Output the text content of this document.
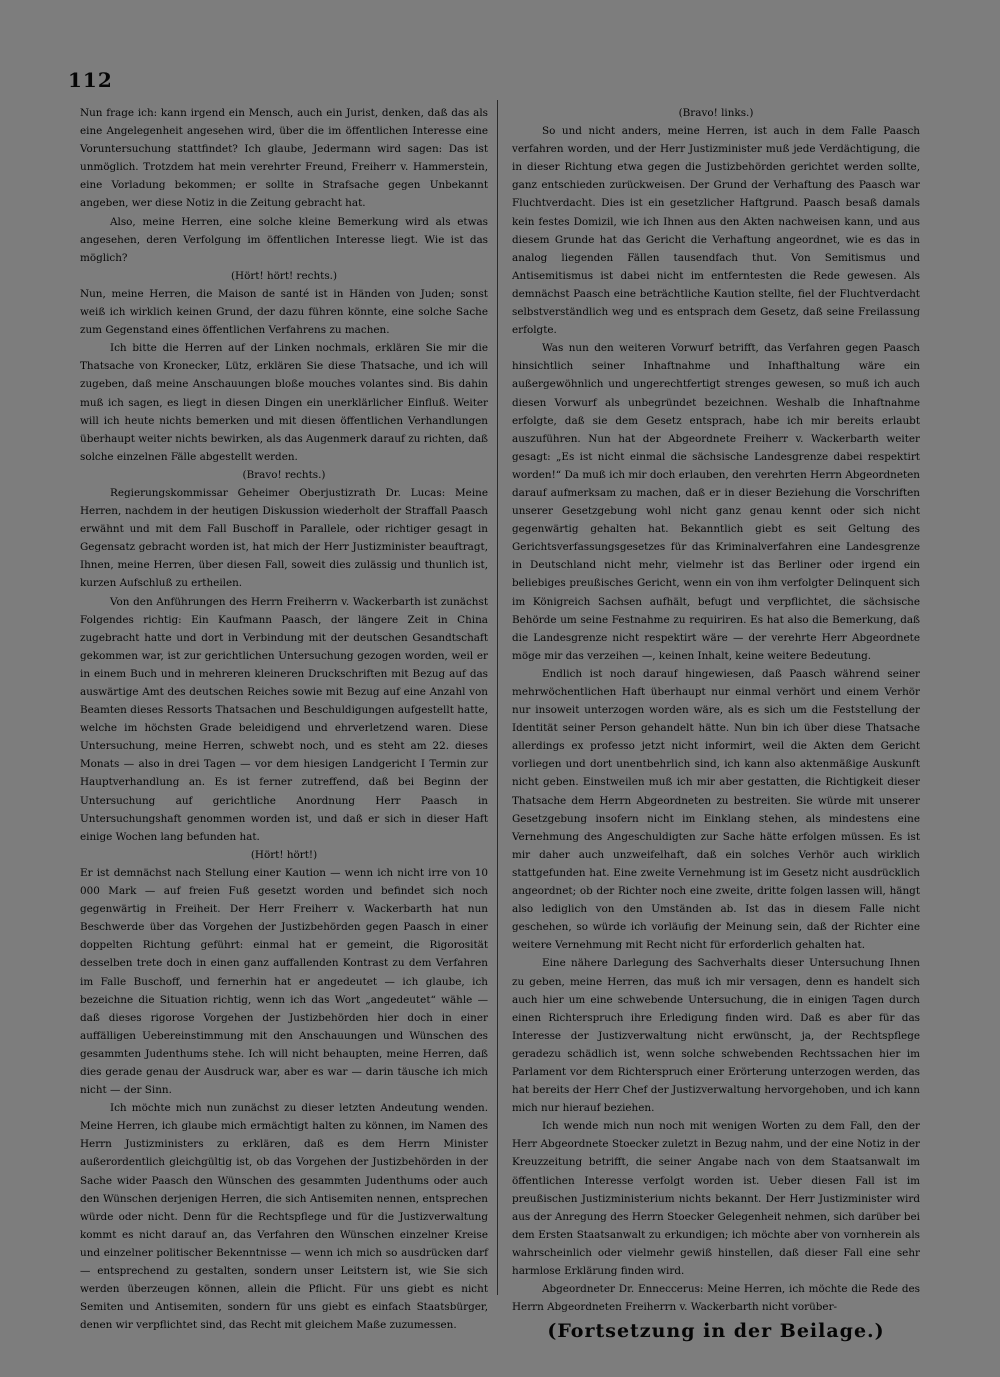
112

Nun frage ich: kann irgend ein Mensch, auch ein Jurist, denken, daß das als eine Angelegenheit angesehen wird, über die im öffentlichen Interesse eine Voruntersuchung stattfindet? Ich glaube, Jedermann wird sagen: Das ist unmöglich. Trotzdem hat mein verehrter Freund, Freiherr v. Hammerstein, eine Vorladung bekommen; er sollte in Strafsache gegen Unbekannt angeben, wer diese Notiz in die Zeitung gebracht hat.

Also, meine Herren, eine solche kleine Bemerkung wird als etwas angesehen, deren Verfolgung im öffentlichen Interesse liegt. Wie ist das möglich?

(Hört! hört! rechts.)

Nun, meine Herren, die Maison de santé ist in Händen von Juden; sonst weiß ich wirklich keinen Grund, der dazu führen könnte, eine solche Sache zum Gegenstand eines öffentlichen Verfahrens zu machen.

Ich bitte die Herren auf der Linken nochmals, erklären Sie mir die Thatsache von Kronecker, Lütz, erklären Sie diese Thatsache, und ich will zugeben, daß meine Anschauungen bloße mouches volantes sind. Bis dahin muß ich sagen, es liegt in diesen Dingen ein unerklärlicher Einfluß. Weiter will ich heute nichts bemerken und mit diesen öffentlichen Verhandlungen überhaupt weiter nichts bewirken, als das Augenmerk darauf zu richten, daß solche einzelnen Fälle abgestellt werden.

(Bravo! rechts.)

Regierungskommissar Geheimer Oberjustizrath Dr. Lucas: Meine Herren, nachdem in der heutigen Diskussion wiederholt der Straffall Paasch erwähnt und mit dem Fall Buschoff in Parallele, oder richtiger gesagt in Gegensatz gebracht worden ist, hat mich der Herr Justizminister beauftragt, Ihnen, meine Herren, über diesen Fall, soweit dies zulässig und thunlich ist, kurzen Aufschluß zu ertheilen.

Von den Anführungen des Herrn Freiherrn v. Wackerbarth ist zunächst Folgendes richtig: Ein Kaufmann Paasch, der längere Zeit in China zugebracht hatte und dort in Verbindung mit der deutschen Gesandtschaft gekommen war, ist zur gerichtlichen Untersuchung gezogen worden, weil er in einem Buch und in mehreren kleineren Druckschriften mit Bezug auf das auswärtige Amt des deutschen Reiches sowie mit Bezug auf eine Anzahl von Beamten dieses Ressorts Thatsachen und Beschuldigungen aufgestellt hatte, welche im höchsten Grade beleidigend und ehrverletzend waren. Diese Untersuchung, meine Herren, schwebt noch, und es steht am 22. dieses Monats — also in drei Tagen — vor dem hiesigen Landgericht I Termin zur Hauptverhandlung an. Es ist ferner zutreffend, daß bei Beginn der Untersuchung auf gerichtliche Anordnung Herr Paasch in Untersuchungshaft genommen worden ist, und daß er sich in dieser Haft einige Wochen lang befunden hat.

(Hört! hört!)

Er ist demnächst nach Stellung einer Kaution — wenn ich nicht irre von 10 000 Mark — auf freien Fuß gesetzt worden und befindet sich noch gegenwärtig in Freiheit. Der Herr Freiherr v. Wackerbarth hat nun Beschwerde über das Vorgehen der Justizbehörden gegen Paasch in einer doppelten Richtung geführt: einmal hat er gemeint, die Rigorosität desselben trete doch in einen ganz auffallenden Kontrast zu dem Verfahren im Falle Buschoff, und fernerhin hat er angedeutet — ich glaube, ich bezeichne die Situation richtig, wenn ich das Wort „angedeutet“ wähle — daß dieses rigorose Vorgehen der Justizbehörden hier doch in einer auffälligen Uebereinstimmung mit den Anschauungen und Wünschen des gesammten Judenthums stehe. Ich will nicht behaupten, meine Herren, daß dies gerade genau der Ausdruck war, aber es war — darin täusche ich mich nicht — der Sinn.

Ich möchte mich nun zunächst zu dieser letzten Andeutung wenden. Meine Herren, ich glaube mich ermächtigt halten zu können, im Namen des Herrn Justizministers zu erklären, daß es dem Herrn Minister außerordentlich gleichgültig ist, ob das Vorgehen der Justizbehörden in der Sache wider Paasch den Wünschen des gesammten Judenthums oder auch den Wünschen derjenigen Herren, die sich Antisemiten nennen, entsprechen würde oder nicht. Denn für die Rechtspflege und für die Justizverwaltung kommt es nicht darauf an, das Verfahren den Wünschen einzelner Kreise und einzelner politischer Bekenntnisse — wenn ich mich so ausdrücken darf — entsprechend zu gestalten, sondern unser Leitstern ist, wie Sie sich werden überzeugen können, allein die Pflicht. Für uns giebt es nicht Semiten und Antisemiten, sondern für uns giebt es einfach Staatsbürger, denen wir verpflichtet sind, das Recht mit gleichem Maße zuzumessen.

(Bravo! links.)

So und nicht anders, meine Herren, ist auch in dem Falle Paasch verfahren worden, und der Herr Justizminister muß jede Verdächtigung, die in dieser Richtung etwa gegen die Justizbehörden gerichtet werden sollte, ganz entschieden zurückweisen. Der Grund der Verhaftung des Paasch war Fluchtverdacht. Dies ist ein gesetzlicher Haftgrund. Paasch besaß damals kein festes Domizil, wie ich Ihnen aus den Akten nachweisen kann, und aus diesem Grunde hat das Gericht die Verhaftung angeordnet, wie es das in analog liegenden Fällen tausendfach thut. Von Semitismus und Antisemitismus ist dabei nicht im entferntesten die Rede gewesen. Als demnächst Paasch eine beträchtliche Kaution stellte, fiel der Fluchtverdacht selbstverständlich weg und es entsprach dem Gesetz, daß seine Freilassung erfolgte.

Was nun den weiteren Vorwurf betrifft, das Verfahren gegen Paasch hinsichtlich seiner Inhaftnahme und Inhafthaltung wäre ein außergewöhnlich und ungerechtfertigt strenges gewesen, so muß ich auch diesen Vorwurf als unbegründet bezeichnen. Weshalb die Inhaftnahme erfolgte, daß sie dem Gesetz entsprach, habe ich mir bereits erlaubt auszuführen. Nun hat der Abgeordnete Freiherr v. Wackerbarth weiter gesagt: „Es ist nicht einmal die sächsische Landesgrenze dabei respektirt worden!“ Da muß ich mir doch erlauben, den verehrten Herrn Abgeordneten darauf aufmerksam zu machen, daß er in dieser Beziehung die Vorschriften unserer Gesetzgebung wohl nicht ganz genau kennt oder sich nicht gegenwärtig gehalten hat. Bekanntlich giebt es seit Geltung des Gerichtsverfassungsgesetzes für das Kriminalverfahren eine Landesgrenze in Deutschland nicht mehr, vielmehr ist das Berliner oder irgend ein beliebiges preußisches Gericht, wenn ein von ihm verfolgter Delinquent sich im Königreich Sachsen aufhält, befugt und verpflichtet, die sächsische Behörde um seine Festnahme zu requiriren. Es hat also die Bemerkung, daß die Landesgrenze nicht respektirt wäre — der verehrte Herr Abgeordnete möge mir das verzeihen —, keinen Inhalt, keine weitere Bedeutung.

Endlich ist noch darauf hingewiesen, daß Paasch während seiner mehrwöchentlichen Haft überhaupt nur einmal verhört und einem Verhör nur insoweit unterzogen worden wäre, als es sich um die Feststellung der Identität seiner Person gehandelt hätte. Nun bin ich über diese Thatsache allerdings ex professo jetzt nicht informirt, weil die Akten dem Gericht vorliegen und dort unentbehrlich sind, ich kann also aktenmäßige Auskunft nicht geben. Einstweilen muß ich mir aber gestatten, die Richtigkeit dieser Thatsache dem Herrn Abgeordneten zu bestreiten. Sie würde mit unserer Gesetzgebung insofern nicht im Einklang stehen, als mindestens eine Vernehmung des Angeschuldigten zur Sache hätte erfolgen müssen. Es ist mir daher auch unzweifelhaft, daß ein solches Verhör auch wirklich stattgefunden hat. Eine zweite Vernehmung ist im Gesetz nicht ausdrücklich angeordnet; ob der Richter noch eine zweite, dritte folgen lassen will, hängt also lediglich von den Umständen ab. Ist das in diesem Falle nicht geschehen, so würde ich vorläufig der Meinung sein, daß der Richter eine weitere Vernehmung mit Recht nicht für erforderlich gehalten hat.

Eine nähere Darlegung des Sachverhalts dieser Untersuchung Ihnen zu geben, meine Herren, das muß ich mir versagen, denn es handelt sich auch hier um eine schwebende Untersuchung, die in einigen Tagen durch einen Richterspruch ihre Erledigung finden wird. Daß es aber für das Interesse der Justizverwaltung nicht erwünscht, ja, der Rechtspflege geradezu schädlich ist, wenn solche schwebenden Rechtssachen hier im Parlament vor dem Richterspruch einer Erörterung unterzogen werden, das hat bereits der Herr Chef der Justizverwaltung hervorgehoben, und ich kann mich nur hierauf beziehen.

Ich wende mich nun noch mit wenigen Worten zu dem Fall, den der Herr Abgeordnete Stoecker zuletzt in Bezug nahm, und der eine Notiz in der Kreuzzeitung betrifft, die seiner Angabe nach von dem Staatsanwalt im öffentlichen Interesse verfolgt worden ist. Ueber diesen Fall ist im preußischen Justizministerium nichts bekannt. Der Herr Justizminister wird aus der Anregung des Herrn Stoecker Gelegenheit nehmen, sich darüber bei dem Ersten Staatsanwalt zu erkundigen; ich möchte aber von vornherein als wahrscheinlich oder vielmehr gewiß hinstellen, daß dieser Fall eine sehr harmlose Erklärung finden wird.

Abgeordneter Dr. Enneccerus: Meine Herren, ich möchte die Rede des Herrn Abgeordneten Freiherrn v. Wackerbarth nicht vorüber-

(Fortsetzung in der Beilage.)
